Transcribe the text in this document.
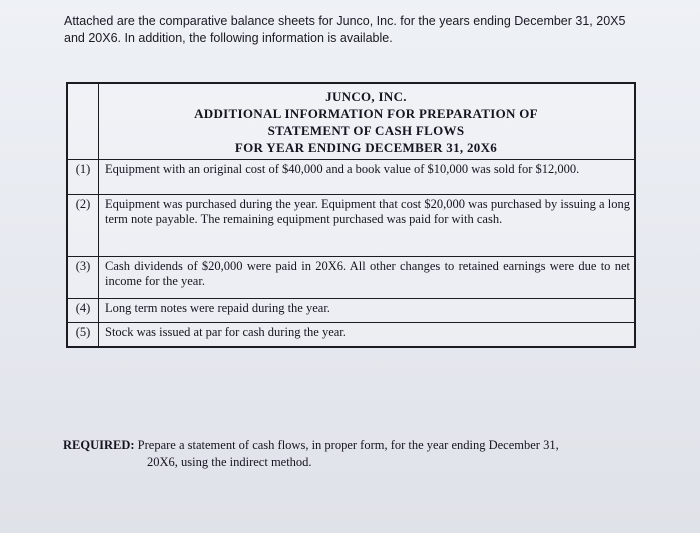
Attached are the comparative balance sheets for Junco, Inc. for the years ending December 31, 20X5
and 20X6. In addition, the following information is available.
JUNCO, INC.
ADDITIONAL INFORMATION FOR PREPARATION OF
STATEMENT OF CASH FLOWS
FOR YEAR ENDING DECEMBER 31, 20X6
(1)	Equipment with an original cost of $40,000 and a book value of $10,000 was sold for $12,000.
(2)	Equipment was purchased during the year. Equipment that cost $20,000 was purchased by issuing a long term note payable. The remaining equipment purchased was paid for with cash.
(3)	Cash dividends of $20,000 were paid in 20X6. All other changes to retained earnings were due to net income for the year.
(4)	Long term notes were repaid during the year.
(5)	Stock was issued at par for cash during the year.
REQUIRED: Prepare a statement of cash flows, in proper form, for the year ending December 31,
20X6, using the indirect method.
